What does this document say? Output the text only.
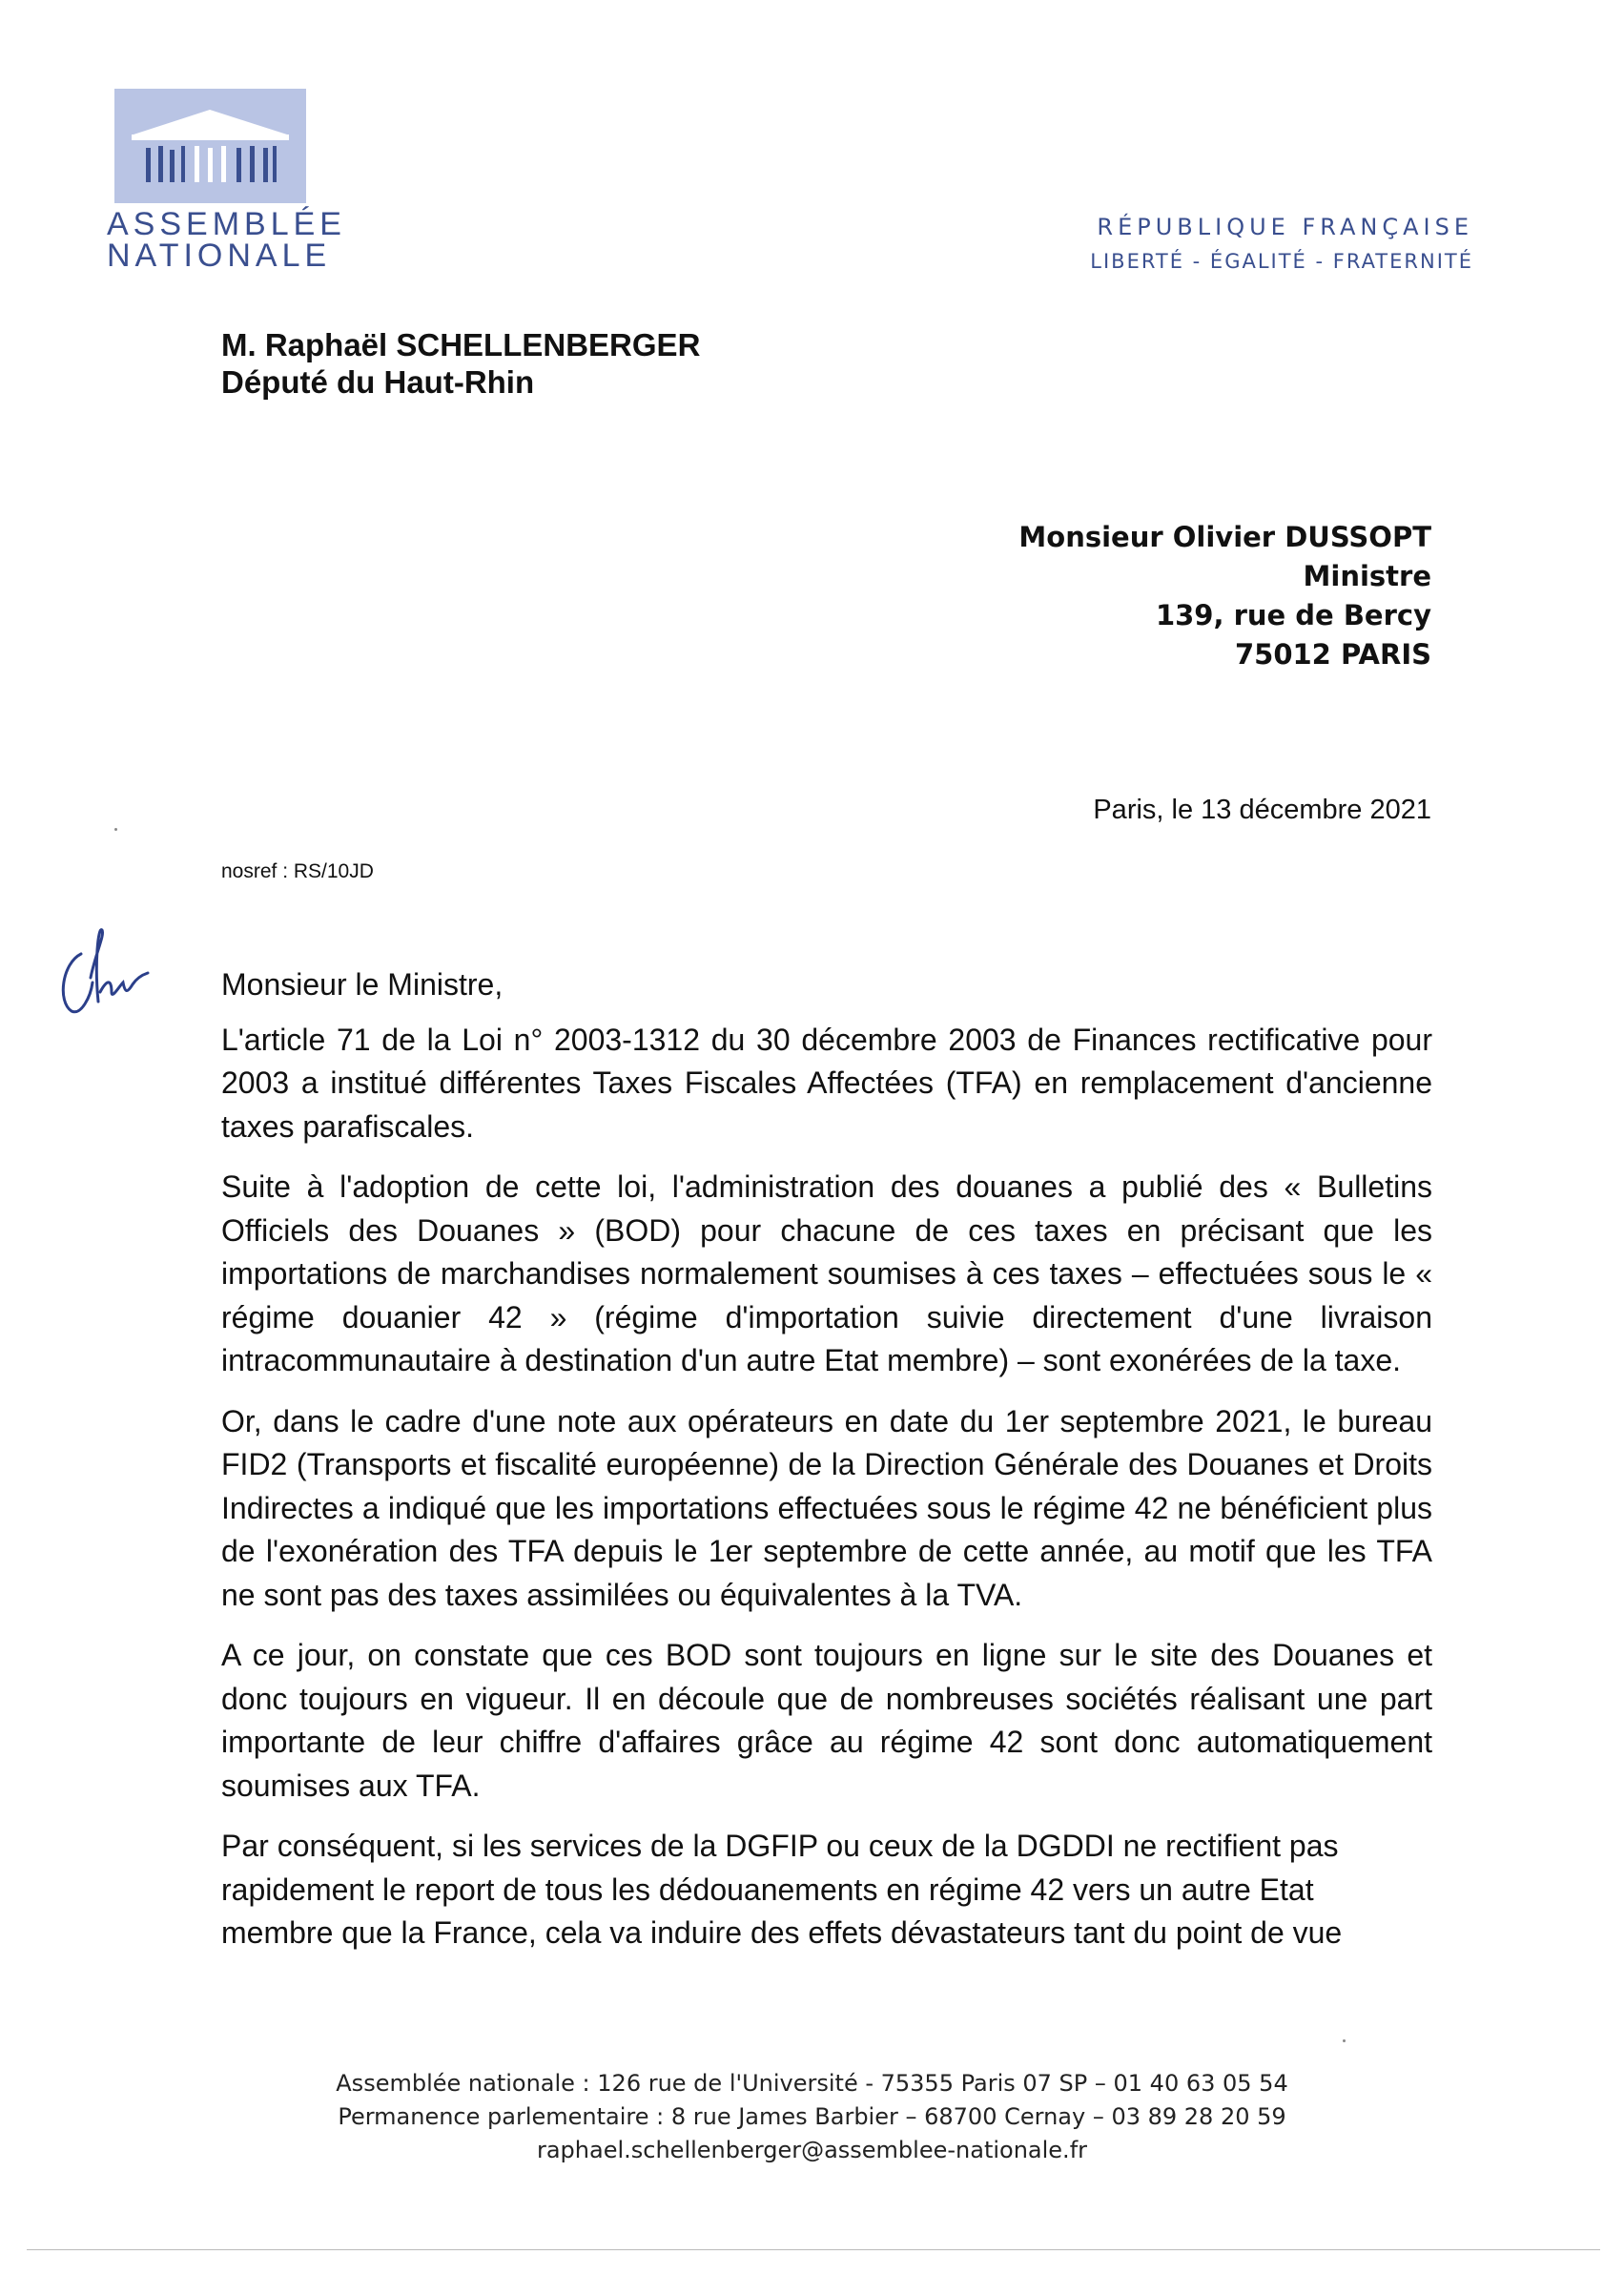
ASSEMBLÉE
NATIONALE
RÉPUBLIQUE FRANÇAISE
LIBERTÉ - ÉGALITÉ - FRATERNITÉ
M. Raphaël SCHELLENBERGER
Député du Haut-Rhin
Monsieur Olivier DUSSOPT
Ministre
139, rue de Bercy
75012 PARIS
Paris, le 13 décembre 2021
nosref : RS/10JD

Monsieur le Ministre,

L'article 71 de la Loi n° 2003-1312 du 30 décembre 2003 de Finances rectificative pour 2003 a institué différentes Taxes Fiscales Affectées (TFA) en remplacement d'ancienne taxes parafiscales.

Suite à l'adoption de cette loi, l'administration des douanes a publié des « Bulletins Officiels des Douanes » (BOD) pour chacune de ces taxes en précisant que les importations de marchandises normalement soumises à ces taxes – effectuées sous le « régime douanier 42 » (régime d'importation suivie directement d'une livraison intracommunautaire à destination d'un autre Etat membre) – sont exonérées de la taxe.

Or, dans le cadre d'une note aux opérateurs en date du 1er septembre 2021, le bureau FID2 (Transports et fiscalité européenne) de la Direction Générale des Douanes et Droits Indirectes a indiqué que les importations effectuées sous le régime 42 ne bénéficient plus de l'exonération des TFA depuis le 1er septembre de cette année, au motif que les TFA ne sont pas des taxes assimilées ou équivalentes à la TVA.

A ce jour, on constate que ces BOD sont toujours en ligne sur le site des Douanes et donc toujours en vigueur. Il en découle que de nombreuses sociétés réalisant une part importante de leur chiffre d'affaires grâce au régime 42 sont donc automatiquement soumises aux TFA.

Par conséquent, si les services de la DGFIP ou ceux de la DGDDI ne rectifient pas rapidement le report de tous les dédouanements en régime 42 vers un autre Etat membre que la France, cela va induire des effets dévastateurs tant du point de vue

Assemblée nationale : 126 rue de l'Université - 75355 Paris 07 SP – 01 40 63 05 54
Permanence parlementaire : 8 rue James Barbier – 68700 Cernay – 03 89 28 20 59
raphael.schellenberger@assemblee-nationale.fr
